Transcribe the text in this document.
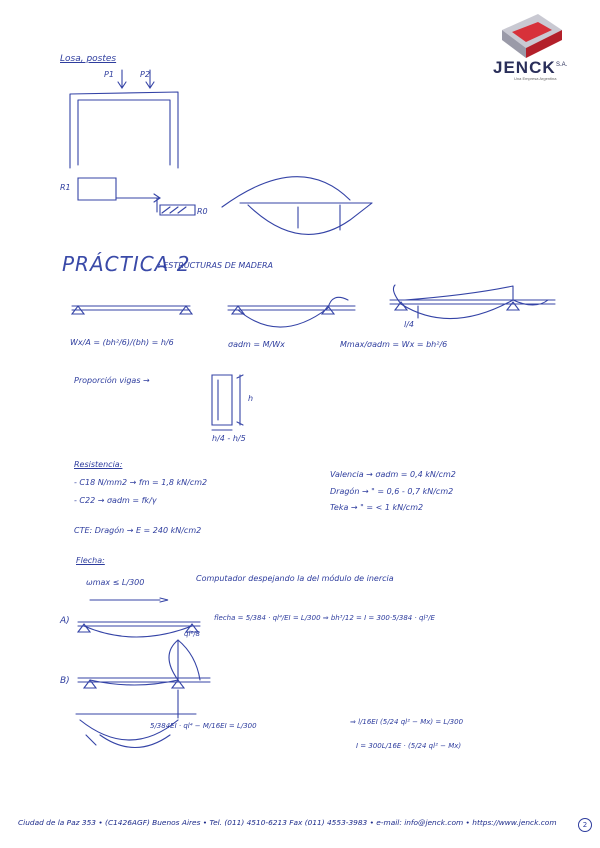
JENCK S.A.
Una Empresa Argentina
Losa, postes
P1	P2
R1
R0
PRÁCTICA 2
: ESTRUCTURAS DE MADERA
Wx/A = (bh²/6)/(bh) = h/6	σadm = M/Wx	Mmax/σadm = Wx = bh²/6
l/4
Proporción vigas →
h
h/4 - h/5
Resistencia:
- C18 N/mm2 → fm = 1,8 kN/cm2
- C22 → σadm = fk/γ
CTE: Dragón → E = 240 kN/cm2
Valencia → σadm = 0,4 kN/cm2
Dragón → " = 0,6 - 0,7 kN/cm2
Teka → " = < 1 kN/cm2
Flecha:
ωmax ≤ L/300	Computador despejando la del módulo de inercia
A)	flecha = 5/384 · ql⁴/EI = L/300 ⇒ bh³/12 = I = 300·5/384 · ql³/E
B)
ql²/8
5/384EI · ql⁴ − M/16EI = L/300	⇒ l/16EI (5/24 ql² − Mx) = L/300
I = 300L/16E · (5/24 ql² − Mx)
Ciudad de la Paz 353 • (C1426AGF) Buenos Aires • Tel. (011) 4510-6213 Fax (011) 4553-3983 • e-mail: info@jenck.com • https://www.jenck.com	2
